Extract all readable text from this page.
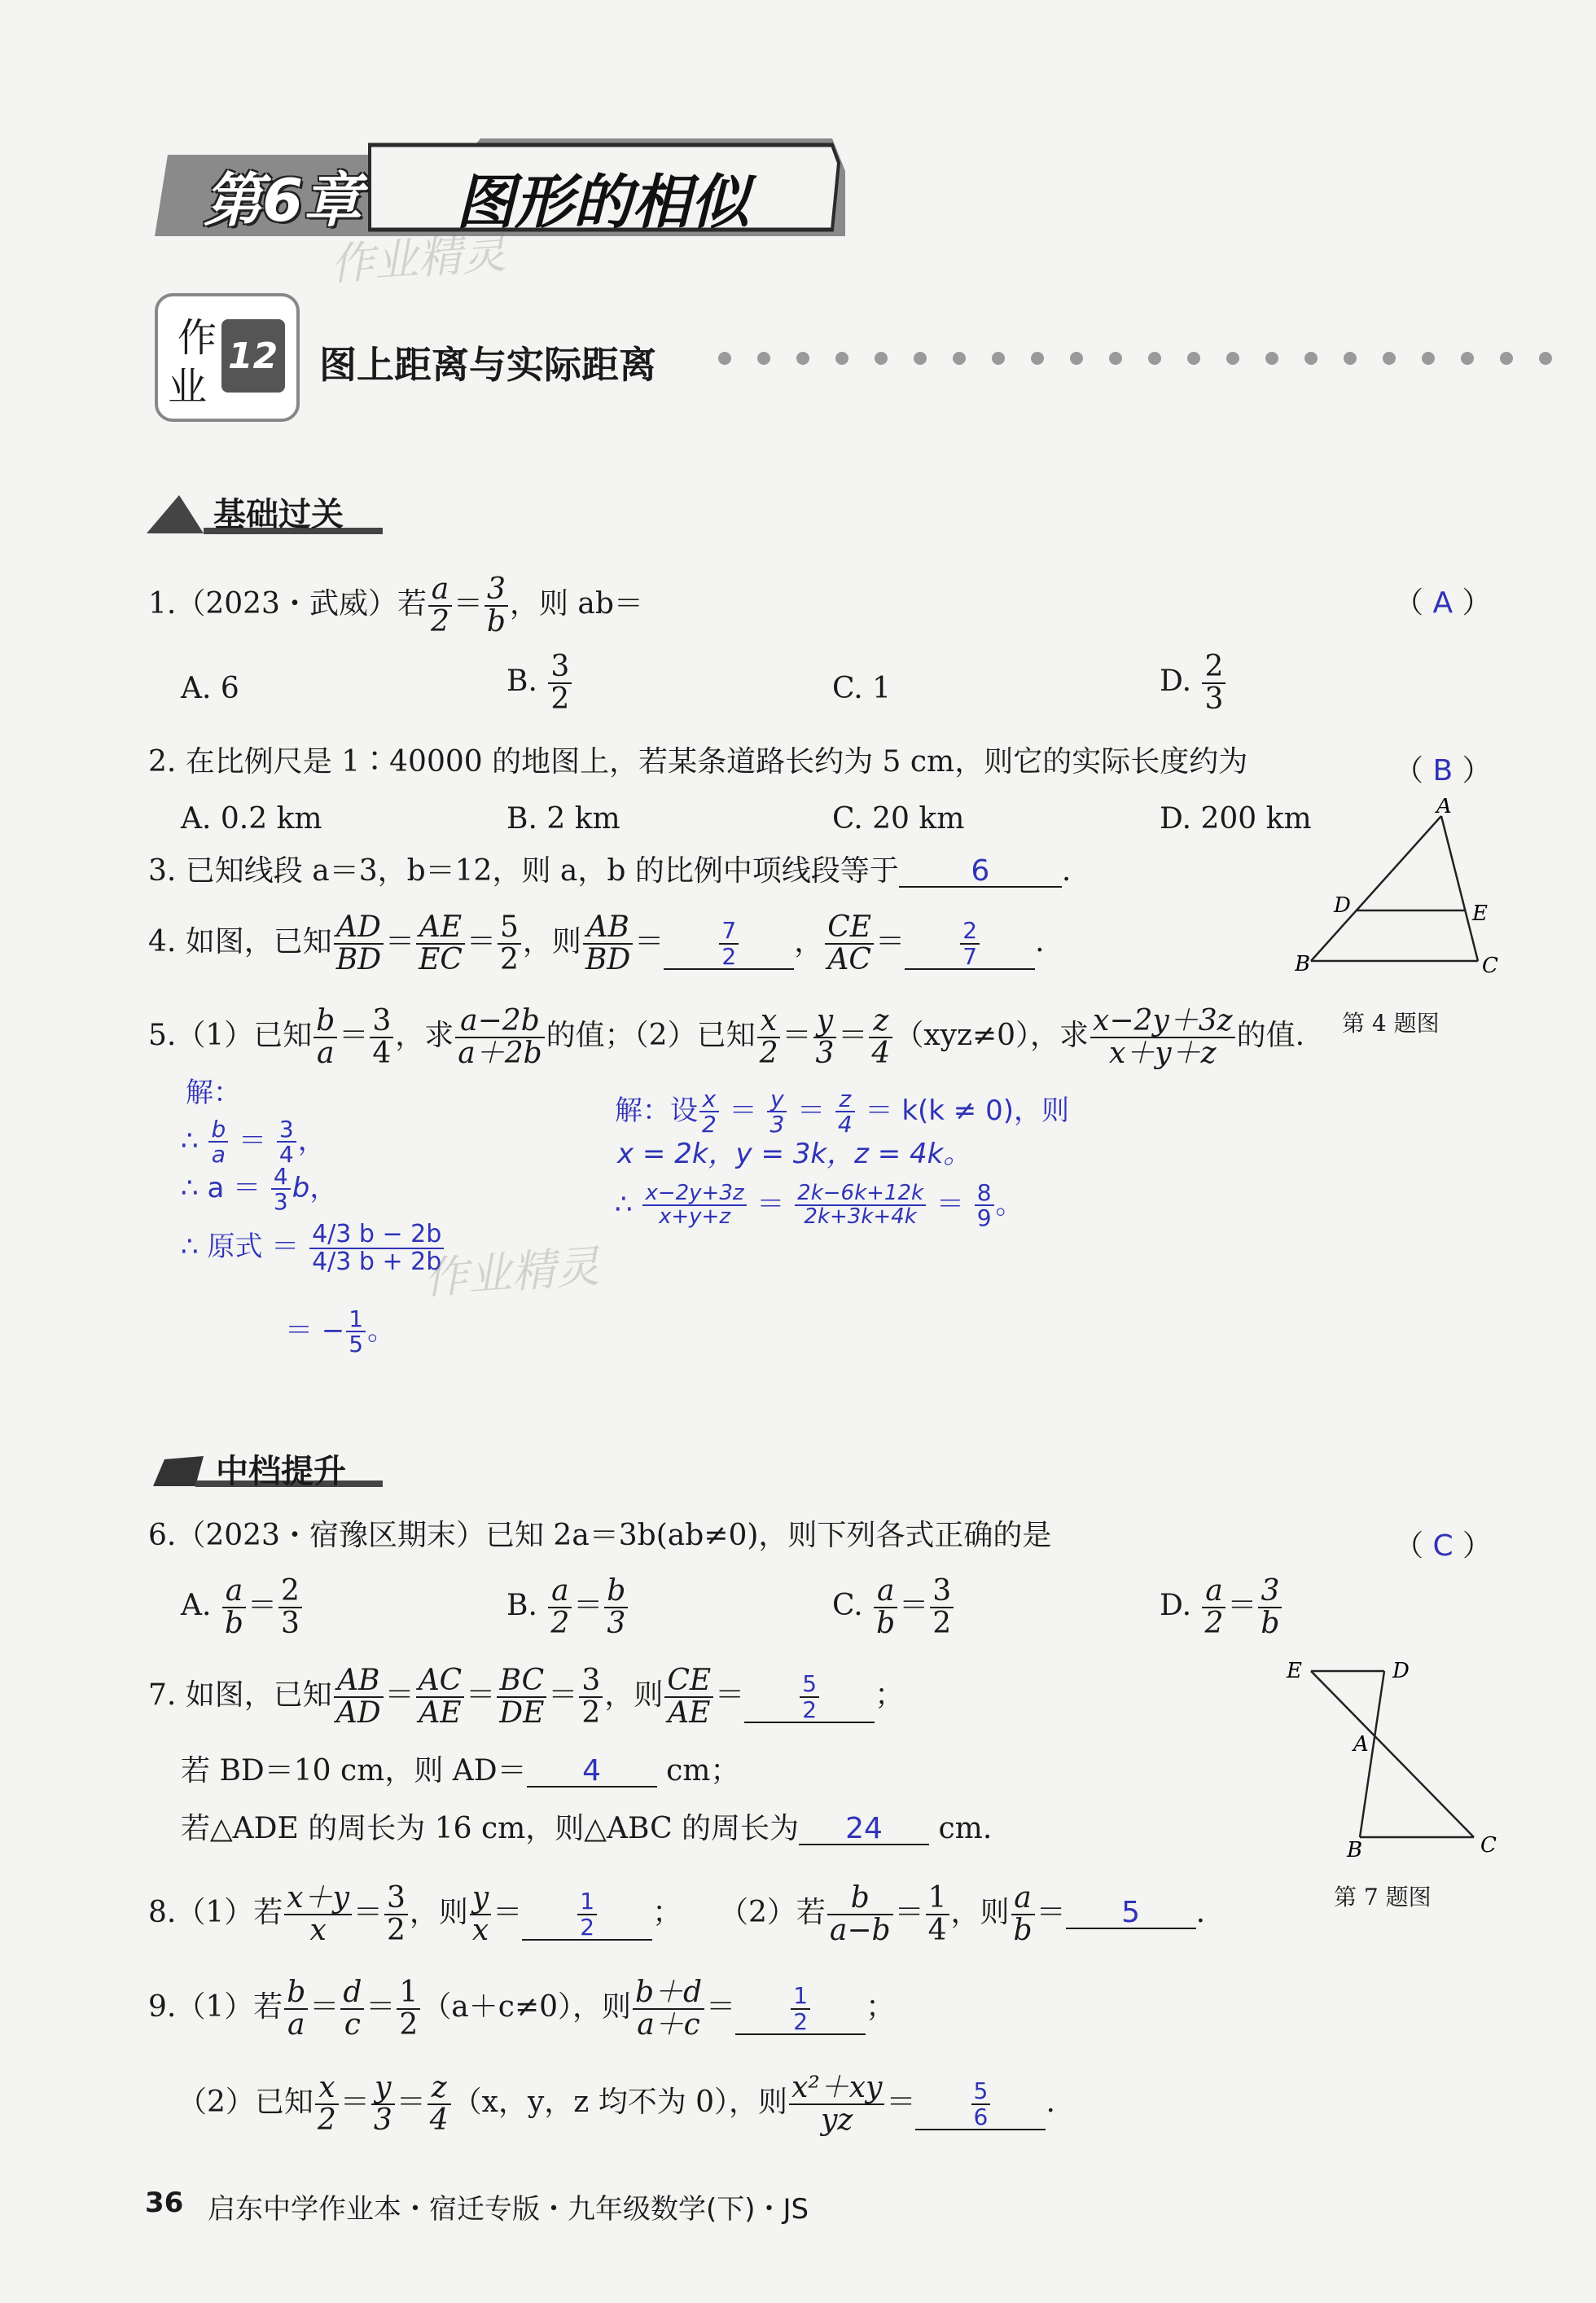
第6章 图形的相似
作业精灵
作
业
12 图上距离与实际距离
基础过关
1.（2023・武威）若 $\frac{a}{2} = \frac{3}{b}$ ，则 ab＝	（ A ）
A. 6	B. $\frac{3}{2}$	C. 1	D. $\frac{2}{3}$
2. 在比例尺是 1∶40000 的地图上，若某条道路长约为 5 cm，则它的实际长度约为	（ B ）
A. 0.2 km	B. 2 km	C. 20 km	D. 200 km
3. 已知线段 a＝3，b＝12，则 a，b 的比例中项线段等于 6 .
4. 如图，已知 $\frac{AD}{BD} = \frac{AE}{EC} = \frac{5}{2}$ ，则 $\frac{AB}{BD} = \frac{7}{2}$ ， $\frac{CE}{AC} = \frac{2}{7}$ .
A
D	E
B	C
第 4 题图
5.（1）已知 $\frac{b}{a} = \frac{3}{4}$ ，求 $\frac{a-2b}{a+2b}$ 的值；（2）已知 $\frac{x}{2} = \frac{y}{3} = \frac{z}{4} (xyz\ne 0)$，求 $\frac{x-2y+3z}{x+y+z}$ 的值.
解：
∴ $\frac{b}{a} = \frac{3}{4}$ ，
∴ $a = \frac{4}{3}$ b，
∴ 原式 ＝ $\frac{4/3 b - 2b}{4/3 b + 2b}$
＝ − $\frac{1}{5}$ 。
作业精灵
解：设 $\frac{x}{2} = \frac{y}{3} = \frac{z}{4} = k(k \ne 0)$，则
x = 2k，y = 3k，z = 4k。
∴ $\frac{x-2y+3z}{x+y+z} = \frac{2k-6k+12k}{2k+3k+4k} = \frac{8}{9}$ 。
中档提升
6.（2023・宿豫区期末）已知 2a＝3b(ab≠0)，则下列各式正确的是	（ C ）
A. $\frac{a}{b} = \frac{2}{3}$	B. $\frac{a}{2} = \frac{b}{3}$	C. $\frac{a}{b} = \frac{3}{2}$	D. $\frac{a}{2} = \frac{3}{b}$
7. 如图，已知 $\frac{AB}{AD} = \frac{AC}{AE} = \frac{BC}{DE} = \frac{3}{2}$ ，则 $\frac{CE}{AE} = \frac{5}{2}$ ；
若 BD＝10 cm，则 AD＝ 4 cm；
若△ADE 的周长为 16 cm，则△ABC 的周长为 24 cm.
E	D
A
B	C
第 7 题图
8.（1）若 $\frac{x+y}{x} = \frac{3}{2}$ ，则 $\frac{y}{x} = \frac{1}{2}$ ；    （2）若 $\frac{b}{a-b} = \frac{1}{4}$ ，则 $\frac{a}{b} = 5$ .
9.（1）若 $\frac{b}{a} = \frac{d}{c} = \frac{1}{2} (a+c\ne 0)$，则 $\frac{b+d}{a+c} = \frac{1}{2}$ ；
（2）已知 $\frac{x}{2} = \frac{y}{3} = \frac{z}{4} (x$，y，z 均不为 0），则 $\frac{\text{x²＋xy}}{yz} = \frac{5}{6}$ .
36 启东中学作业本・宿迁专版・九年级数学(下)・JS
